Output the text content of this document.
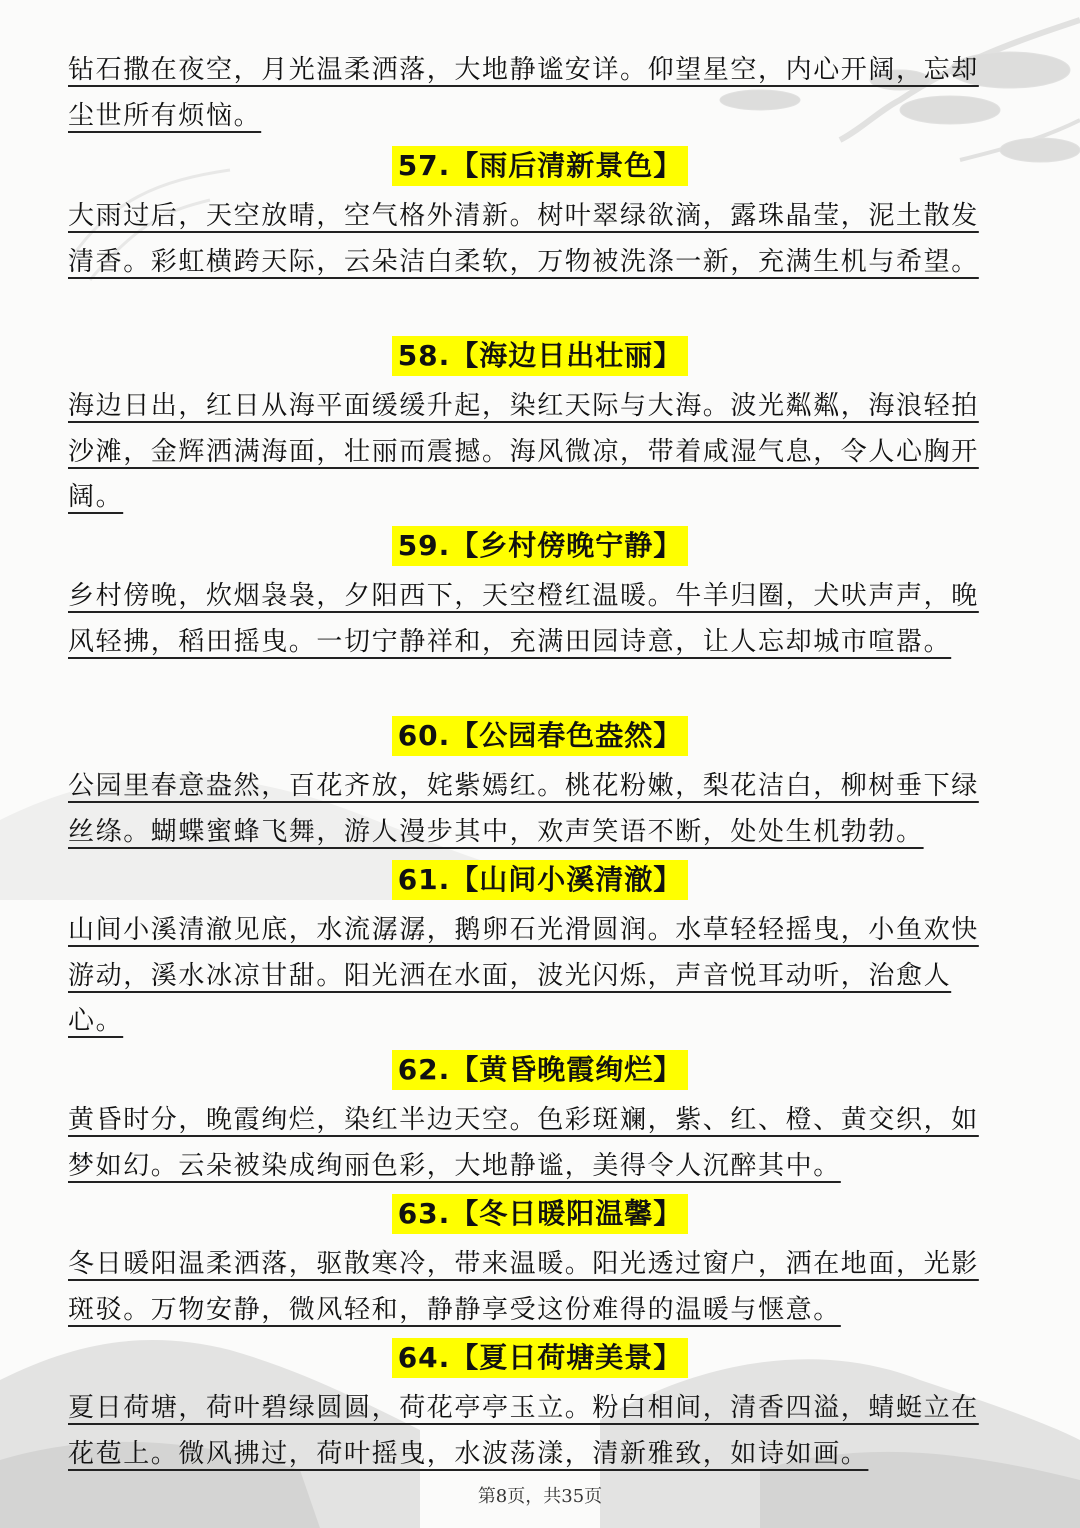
钻石撒在夜空，月光温柔洒落，大地静谧安详。仰望星空，内心开阔，忘却尘世所有烦恼。

57.【雨后清新景色】

大雨过后，天空放晴，空气格外清新。树叶翠绿欲滴，露珠晶莹，泥土散发清香。彩虹横跨天际，云朵洁白柔软，万物被洗涤一新，充满生机与希望。

58.【海边日出壮丽】

海边日出，红日从海平面缓缓升起，染红天际与大海。波光粼粼，海浪轻拍沙滩，金辉洒满海面，壮丽而震撼。海风微凉，带着咸湿气息，令人心胸开阔。

59.【乡村傍晚宁静】

乡村傍晚，炊烟袅袅，夕阳西下，天空橙红温暖。牛羊归圈，犬吠声声，晚风轻拂，稻田摇曳。一切宁静祥和，充满田园诗意，让人忘却城市喧嚣。

60.【公园春色盎然】

公园里春意盎然，百花齐放，姹紫嫣红。桃花粉嫩，梨花洁白，柳树垂下绿丝绦。蝴蝶蜜蜂飞舞，游人漫步其中，欢声笑语不断，处处生机勃勃。

61.【山间小溪清澈】

山间小溪清澈见底，水流潺潺，鹅卵石光滑圆润。水草轻轻摇曳，小鱼欢快游动，溪水冰凉甘甜。阳光洒在水面，波光闪烁，声音悦耳动听，治愈人心。

62.【黄昏晚霞绚烂】

黄昏时分，晚霞绚烂，染红半边天空。色彩斑斓，紫、红、橙、黄交织，如梦如幻。云朵被染成绚丽色彩，大地静谧，美得令人沉醉其中。

63.【冬日暖阳温馨】

冬日暖阳温柔洒落，驱散寒冷，带来温暖。阳光透过窗户，洒在地面，光影斑驳。万物安静，微风轻和，静静享受这份难得的温暖与惬意。

64.【夏日荷塘美景】

夏日荷塘，荷叶碧绿圆圆，荷花亭亭玉立。粉白相间，清香四溢，蜻蜓立在花苞上。微风拂过，荷叶摇曳，水波荡漾，清新雅致，如诗如画。

第8页，共35页
